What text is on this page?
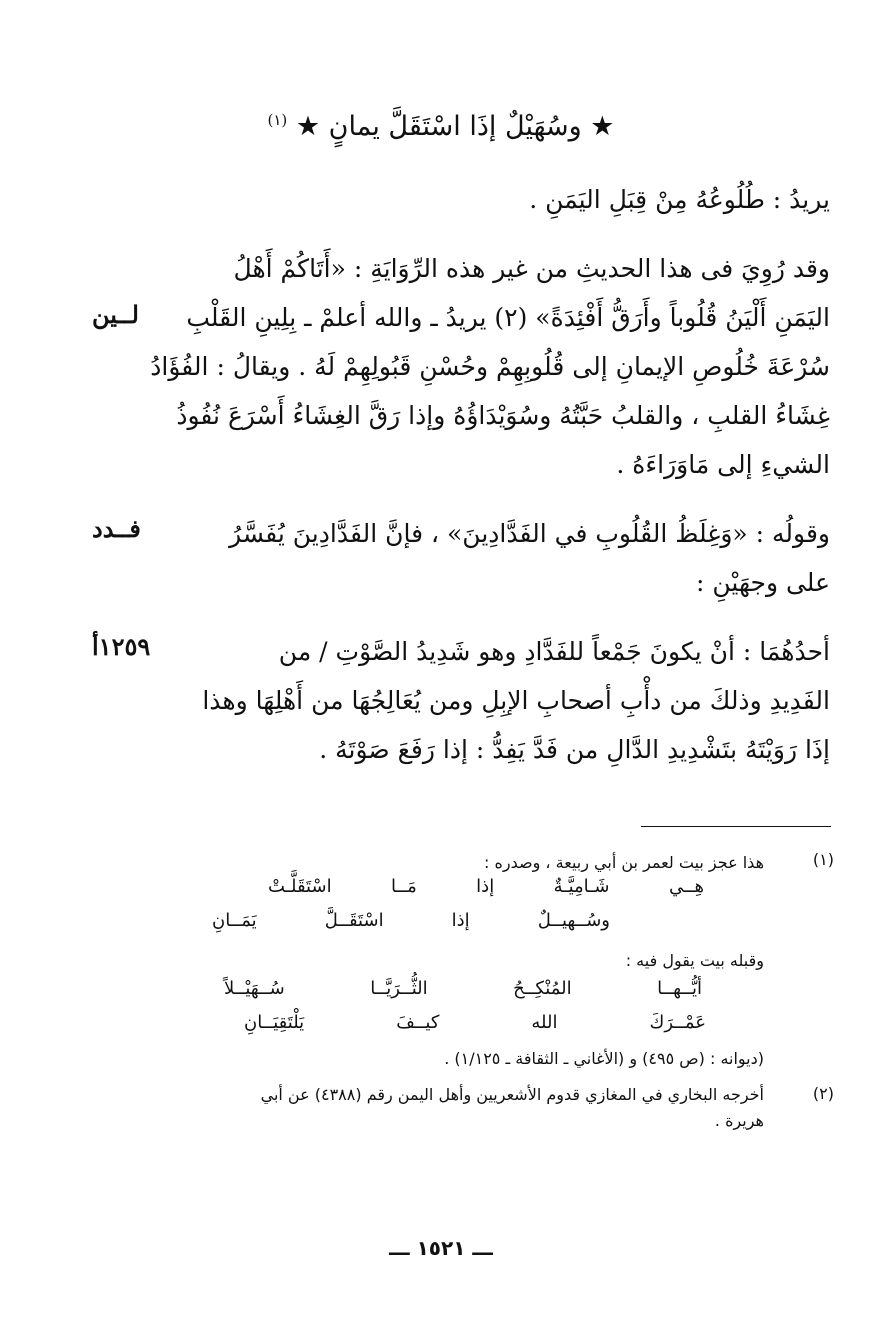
★ وسُهَيْلٌ إذَا اسْتَقَلَّ يمانٍ ★ $^{(١)}$

يريدُ : طُلُوعُهُ مِنْ قِبَلِ اليَمَنِ .

وقد رُوِيَ فى هذا الحديثِ من غير هذه الرِّوَايَةِ : «أَتَاكُمْ أَهْلُ

اليَمَنِ أَلْيَنُ قُلُوباً وأَرَقُّ أَفْئِدَةً» (٢) يريدُ ـ والله أعلمْ ـ بِلِينِ القَلْبِ

سُرْعَةَ خُلُوصِ الإيمانِ إلى قُلُوبِهِمْ وحُسْنِ قَبُولِهِمْ لَهُ . ويقالُ : الفُؤَادُ

غِشَاءُ القلبِ ، والقلبُ حَبَّتُهُ وسُوَيْدَاؤُهُ وإذا رَقَّ الغِشَاءُ أَسْرَعَ نُفُوذُ

الشيءِ إلى مَاوَرَاءَهُ .

وقولُه : «وَغِلَظُ القُلُوبِ في الفَدَّادِينَ» ، فإنَّ الفَدَّادِينَ يُفَسَّرُ

على وجهَيْنِ :

أحدُهُمَا : أنْ يكونَ جَمْعاً للفَدَّادِ وهو شَدِيدُ الصَّوْتِ / من

الفَدِيدِ وذلكَ من دأْبِ أصحابِ الإبِلِ ومن يُعَالِجُهَا من أَهْلِهَا وهذا

إذَا رَوَيْتَهُ بتَشْدِيدِ الدَّالِ من فَدَّ يَفِدُّ : إذا رَفَعَ صَوْتَهُ .

لــين
فــدد
١٢٥٩أ
(١)
هذا عجز بيت لعمر بن أبي ربيعة ، وصدره :
هِــي
شَـامِيَّـةٌ
إذا
مَــا
اسْتَقَلَّـتْ
وسُــهيــلٌ
إذا
اسْتَقَــلَّ
يَمَــانِ
وقبله بيت يقول فيه :
أيُّــهــا
المُنْكِــحُ
الثُّــرَيَّــا
سُــهَيْــلاً
عَمْــرَكَ
الله
كيــفَ
يَلْتَقِيَــانِ
(ديوانه : (ص ٤٩٥) و (الأغاني ـ الثقافة ـ ١/١٢٥) .
(٢)
أخرجه البخاري في المغازي قدوم الأشعريين وأهل اليمن رقم (٤٣٨٨) عن أبي
هريرة .
ـــ ١٥٢١ ـــ
